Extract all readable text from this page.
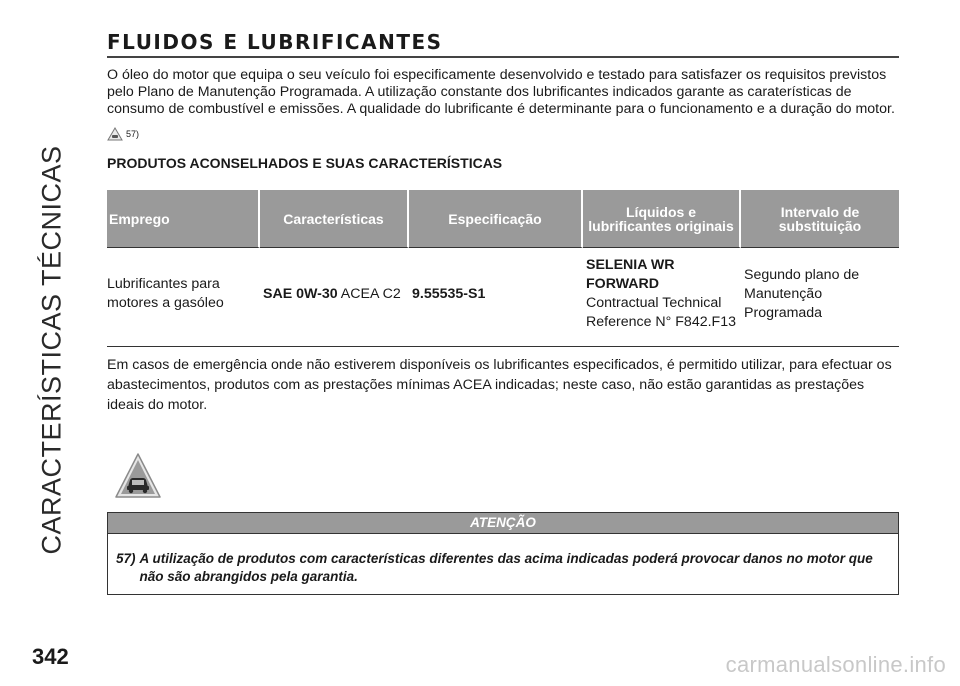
CARACTERÍSTICAS TÉCNICAS
FLUIDOS E LUBRIFICANTES

O óleo do motor que equipa o seu veículo foi especificamente desenvolvido e testado para satisfazer os requisitos previstos pelo Plano de Manutenção Programada. A utilização constante dos lubrificantes indicados garante as caraterísticas de consumo de combustível e emissões. A qualidade do lubrificante é determinante para o funcionamento e a duração do motor.

57)

PRODUTOS ACONSELHADOS E SUAS CARACTERÍSTICAS

Emprego	Características	Especificação	Líquidos e lubrificantes originais	Intervalo de substituição
Lubrificantes para motores a gasóleo	SAE 0W-30 ACEA C2	9.55535-S1	SELENIA WR FORWARD
Contractual Technical Reference N° F842.F13	Segundo plano de Manutenção Programada

Em casos de emergência onde não estiverem disponíveis os lubrificantes especificados, é permitido utilizar, para efectuar os abastecimentos, produtos com as prestações mínimas ACEA indicadas; neste caso, não estão garantidas as prestações ideais do motor.

ATENÇÃO
57) A utilização de produtos com características diferentes das acima indicadas poderá provocar danos no motor que não são abrangidos pela garantia.
342	carmanualsonline.info
